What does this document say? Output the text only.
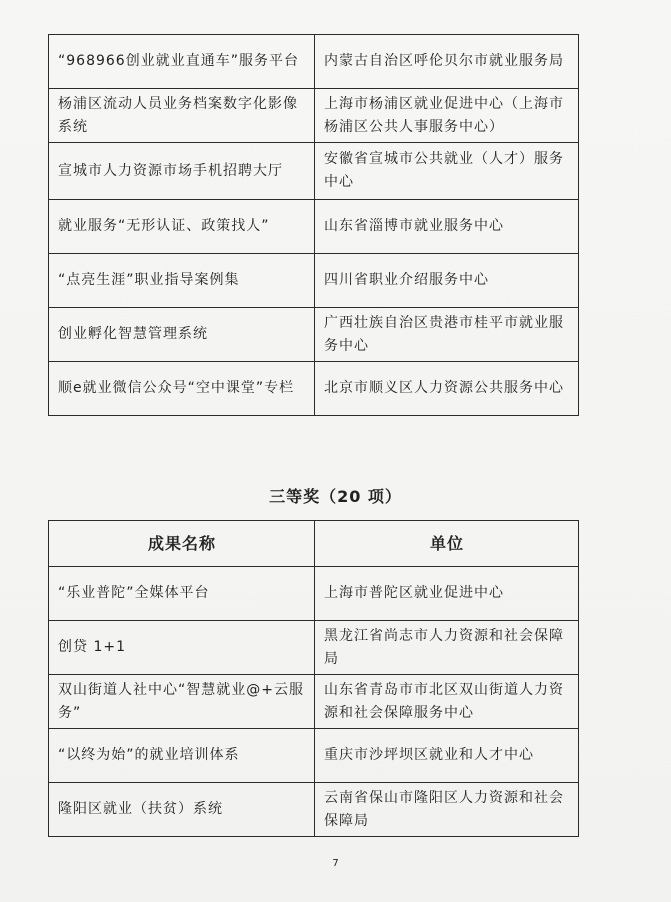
“968966创业就业直通车”服务平台	内蒙古自治区呼伦贝尔市就业服务局
杨浦区流动人员业务档案数字化影像系统	上海市杨浦区就业促进中心（上海市杨浦区公共人事服务中心）
宣城市人力资源市场手机招聘大厅	安徽省宣城市公共就业（人才）服务中心
就业服务“无形认证、政策找人”	山东省淄博市就业服务中心
“点亮生涯”职业指导案例集	四川省职业介绍服务中心
创业孵化智慧管理系统	广西壮族自治区贵港市桂平市就业服务中心
顺e就业微信公众号“空中课堂”专栏	北京市顺义区人力资源公共服务中心
三等奖（20 项）
成果名称	单位
“乐业普陀”全媒体平台	上海市普陀区就业促进中心
创贷 1+1	黑龙江省尚志市人力资源和社会保障局
双山街道人社中心“智慧就业@+云服务”	山东省青岛市市北区双山街道人力资源和社会保障服务中心
“以终为始”的就业培训体系	重庆市沙坪坝区就业和人才中心
隆阳区就业（扶贫）系统	云南省保山市隆阳区人力资源和社会保障局
7
